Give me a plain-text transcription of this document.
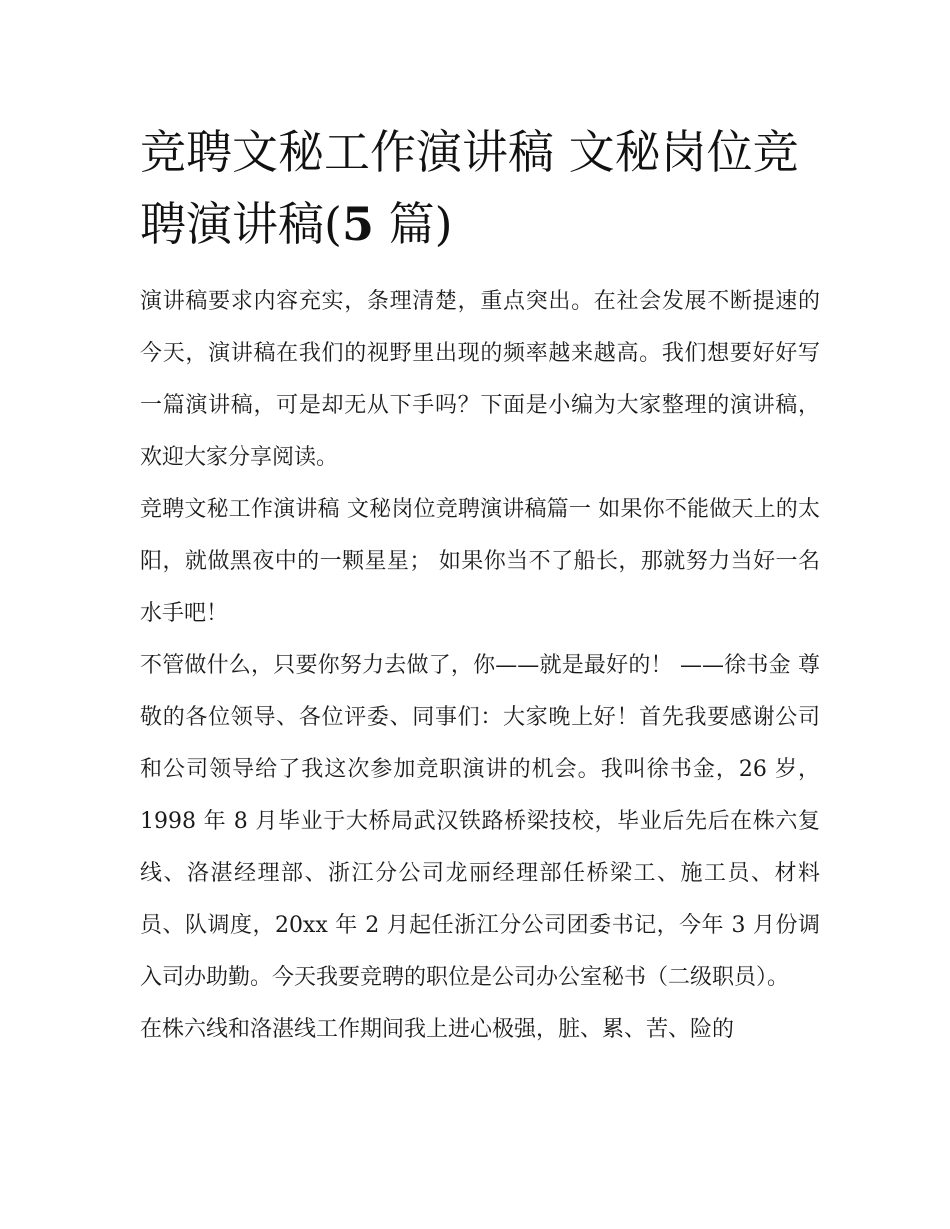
竞聘文秘工作演讲稿 文秘岗位竞聘演讲稿(5 篇)

演讲稿要求内容充实，条理清楚，重点突出。在社会发展不断提速的今天，演讲稿在我们的视野里出现的频率越来越高。我们想要好好写一篇演讲稿，可是却无从下手吗？下面是小编为大家整理的演讲稿，欢迎大家分享阅读。

竞聘文秘工作演讲稿 文秘岗位竞聘演讲稿篇一 如果你不能做天上的太阳，就做黑夜中的一颗星星； 如果你当不了船长，那就努力当好一名水手吧！

不管做什么，只要你努力去做了，你——就是最好的！ ——徐书金 尊敬的各位领导、各位评委、同事们：大家晚上好！首先我要感谢公司和公司领导给了我这次参加竞职演讲的机会。我叫徐书金，26 岁，1998 年 8 月毕业于大桥局武汉铁路桥梁技校，毕业后先后在株六复线、洛湛经理部、浙江分公司龙丽经理部任桥梁工、施工员、材料员、队调度，20xx 年 2 月起任浙江分公司团委书记，今年 3 月份调入司办助勤。今天我要竞聘的职位是公司办公室秘书（二级职员）。

在株六线和洛湛线工作期间我上进心极强，脏、累、苦、险的
